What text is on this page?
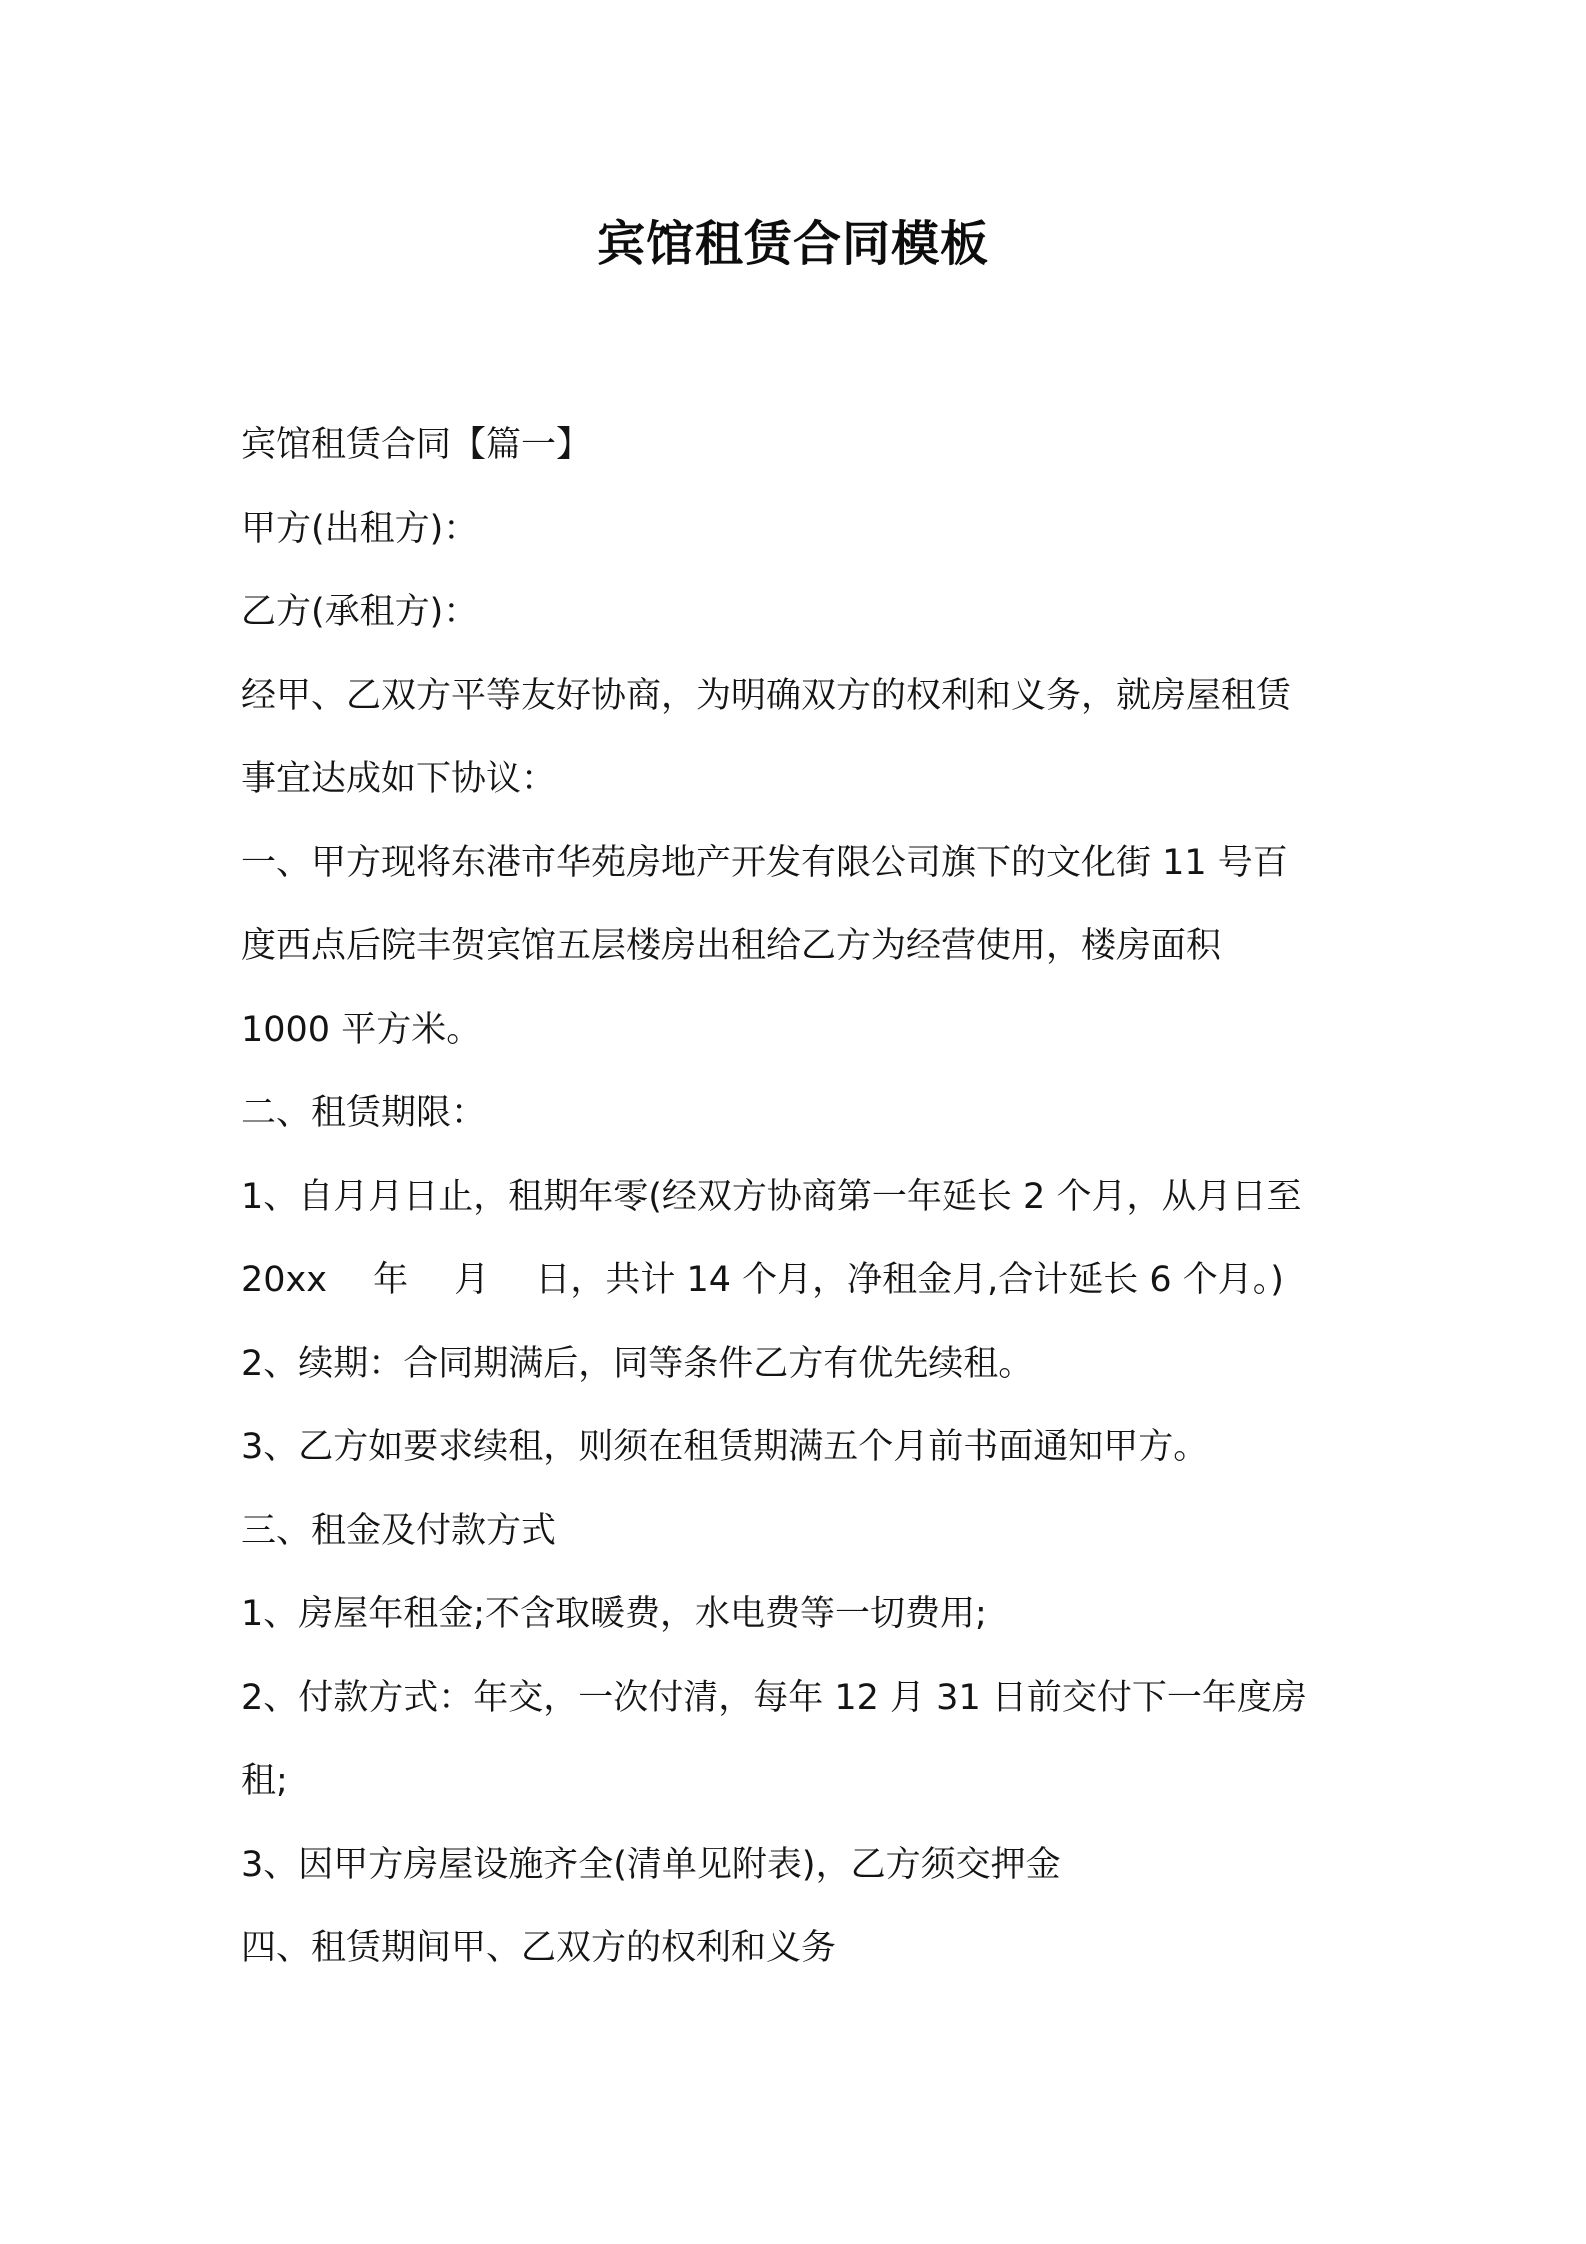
宾馆租赁合同模板

宾馆租赁合同【篇一】

甲方(出租方)：

乙方(承租方)：

经甲、乙双方平等友好协商，为明确双方的权利和义务，就房屋租赁

事宜达成如下协议：

一、甲方现将东港市华苑房地产开发有限公司旗下的文化街 11 号百

度西点后院丰贺宾馆五层楼房出租给乙方为经营使用，楼房面积

1000 平方米。

二、租赁期限：

1、自月月日止，租期年零(经双方协商第一年延长 2 个月，从月日至

20xx　 年　 月　 日，共计 14 个月，净租金月,合计延长 6 个月。)

2、续期：合同期满后，同等条件乙方有优先续租。

3、乙方如要求续租，则须在租赁期满五个月前书面通知甲方。

三、租金及付款方式

1、房屋年租金;不含取暖费，水电费等一切费用;

2、付款方式：年交，一次付清，每年 12 月 31 日前交付下一年度房

租;

3、因甲方房屋设施齐全(清单见附表)，乙方须交押金

四、租赁期间甲、乙双方的权利和义务
